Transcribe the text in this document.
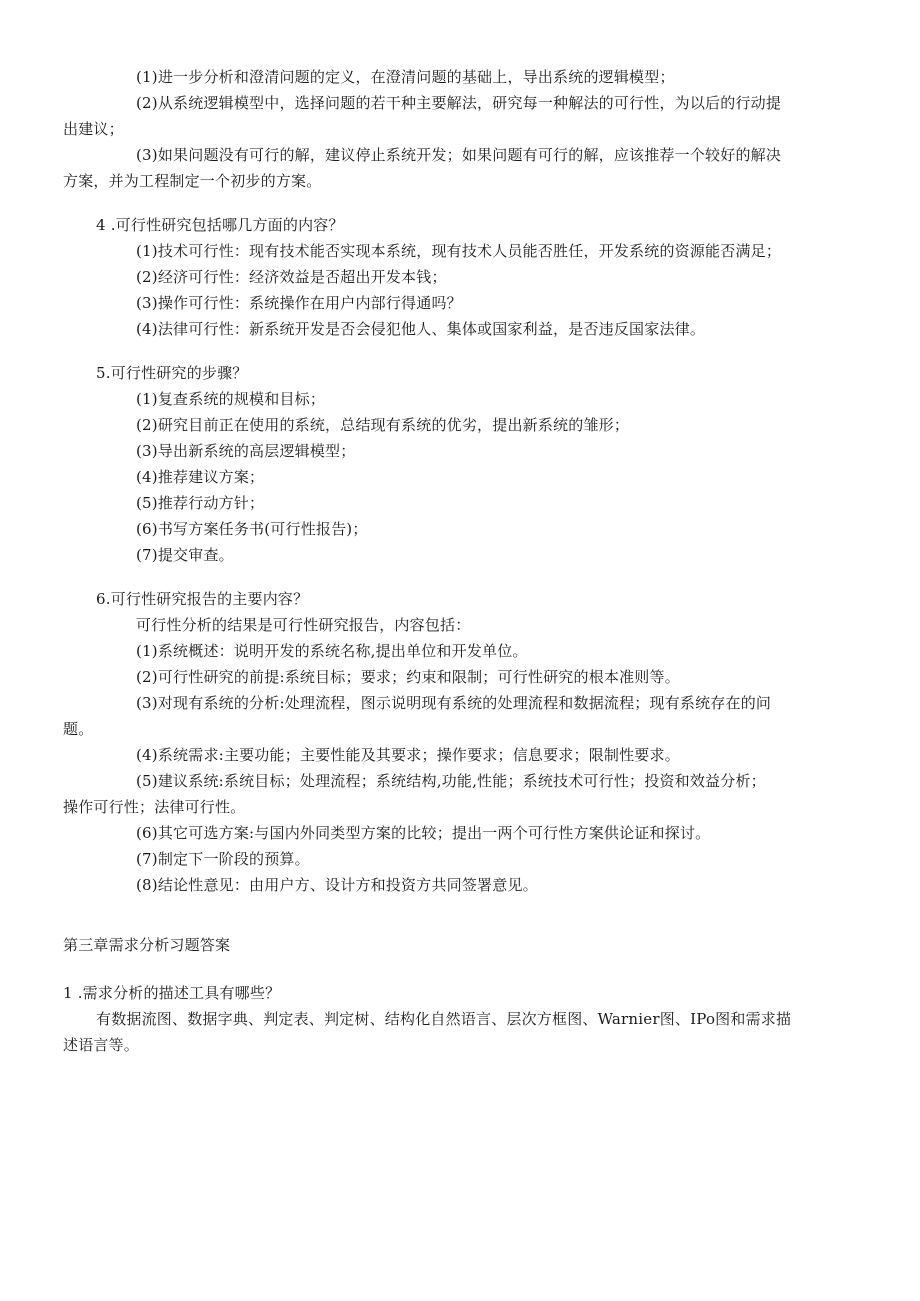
(1)进一步分析和澄清问题的定义，在澄清问题的基础上，导出系统的逻辑模型；
(2)从系统逻辑模型中，选择问题的若干种主要解法，研究每一种解法的可行性，为以后的行动提
出建议；
(3)如果问题没有可行的解，建议停止系统开发；如果问题有可行的解，应该推荐一个较好的解决
方案，并为工程制定一个初步的方案。
4 .可行性研究包括哪几方面的内容？
(1)技术可行性：现有技术能否实现本系统，现有技术人员能否胜任，开发系统的资源能否满足；
(2)经济可行性：经济效益是否超出开发本钱；
(3)操作可行性：系统操作在用户内部行得通吗？
(4)法律可行性：新系统开发是否会侵犯他人、集体或国家利益，是否违反国家法律。
5.可行性研究的步骤？
(1)复查系统的规模和目标；
(2)研究目前正在使用的系统，总结现有系统的优劣，提出新系统的雏形；
(3)导出新系统的高层逻辑模型；
(4)推荐建议方案；
(5)推荐行动方针；
(6)书写方案任务书(可行性报告)；
(7)提交审查。
6.可行性研究报告的主要内容？
可行性分析的结果是可行性研究报告，内容包括：
(1)系统概述：说明开发的系统名称,提出单位和开发单位。
(2)可行性研究的前提:系统目标；要求；约束和限制；可行性研究的根本准则等。
(3)对现有系统的分析:处理流程，图示说明现有系统的处理流程和数据流程；现有系统存在的问
题。
(4)系统需求:主要功能；主要性能及其要求；操作要求；信息要求；限制性要求。
(5)建议系统:系统目标；处理流程；系统结构,功能,性能；系统技术可行性；投资和效益分析；
操作可行性；法律可行性。
(6)其它可选方案:与国内外同类型方案的比较；提出一两个可行性方案供论证和探讨。
(7)制定下一阶段的预算。
(8)结论性意见：由用户方、设计方和投资方共同签署意见。
第三章需求分析习题答案
1 .需求分析的描述工具有哪些？
有数据流图、数据字典、判定表、判定树、结构化自然语言、层次方框图、Warnier图、IPo图和需求描
述语言等。
